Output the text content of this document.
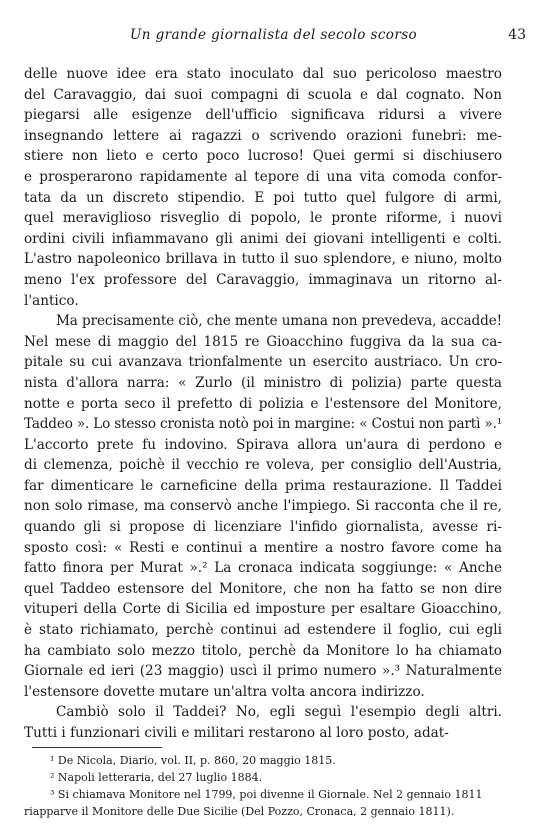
Un grande giornalista del secolo scorso	43
delle nuove idee era stato inoculato dal suo pericoloso maestro
del Caravaggio, dai suoi compagni di scuola e dal cognato. Non
piegarsi alle esigenze dell'ufficio significava ridursi a vivere
insegnando lettere ai ragazzi o scrivendo orazioni funebri: me-
stiere non lieto e certo poco lucroso! Quei germi si dischiusero
e prosperarono rapidamente al tepore di una vita comoda confor-
tata da un discreto stipendio. E poi tutto quel fulgore di armi,
quel meraviglioso risveglio di popolo, le pronte riforme, i nuovi
ordini civili infiammavano gli animi dei giovani intelligenti e colti.
L'astro napoleonico brillava in tutto il suo splendore, e niuno, molto
meno l'ex professore del Caravaggio, immaginava un ritorno al-
l'antico.
Ma precisamente ciò, che mente umana non prevedeva, accadde!
Nel mese di maggio del 1815 re Gioacchino fuggiva da la sua ca-
pitale su cui avanzava trionfalmente un esercito austriaco. Un cro-
nista d'allora narra: « Zurlo (il ministro di polizia) parte questa
notte e porta seco il prefetto di polizia e l'estensore del Monitore,
Taddeo ». Lo stesso cronista notò poi in margine: « Costui non partì ».¹
L'accorto prete fu indovino. Spirava allora un'aura di perdono e
di clemenza, poichè il vecchio re voleva, per consiglio dell'Austria,
far dimenticare le carneficine della prima restaurazione. Il Taddei
non solo rimase, ma conservò anche l'impiego. Si racconta che il re,
quando gli si propose di licenziare l'infido giornalista, avesse ri-
sposto così: « Resti e continui a mentire a nostro favore come ha
fatto finora per Murat ».² La cronaca indicata soggiunge: « Anche
quel Taddeo estensore del Monitore, che non ha fatto se non dire
vituperi della Corte di Sicilia ed imposture per esaltare Gioacchino,
è stato richiamato, perchè continui ad estendere il foglio, cui egli
ha cambiato solo mezzo titolo, perchè da Monitore lo ha chiamato
Giornale ed ieri (23 maggio) uscì il primo numero ».³ Naturalmente
l'estensore dovette mutare un'altra volta ancora indirizzo.
Cambiò solo il Taddei? No, egli seguì l'esempio degli altri.
Tutti i funzionari civili e militari restarono al loro posto, adat-
¹ De Nicola, Diario, vol. II, p. 860, 20 maggio 1815.
² Napoli letteraria, del 27 luglio 1884.
³ Si chiamava Monitore nel 1799, poi divenne il Giornale. Nel 2 gennaio 1811
riapparve il Monitore delle Due Sicilie (Del Pozzo, Cronaca, 2 gennaio 1811).
